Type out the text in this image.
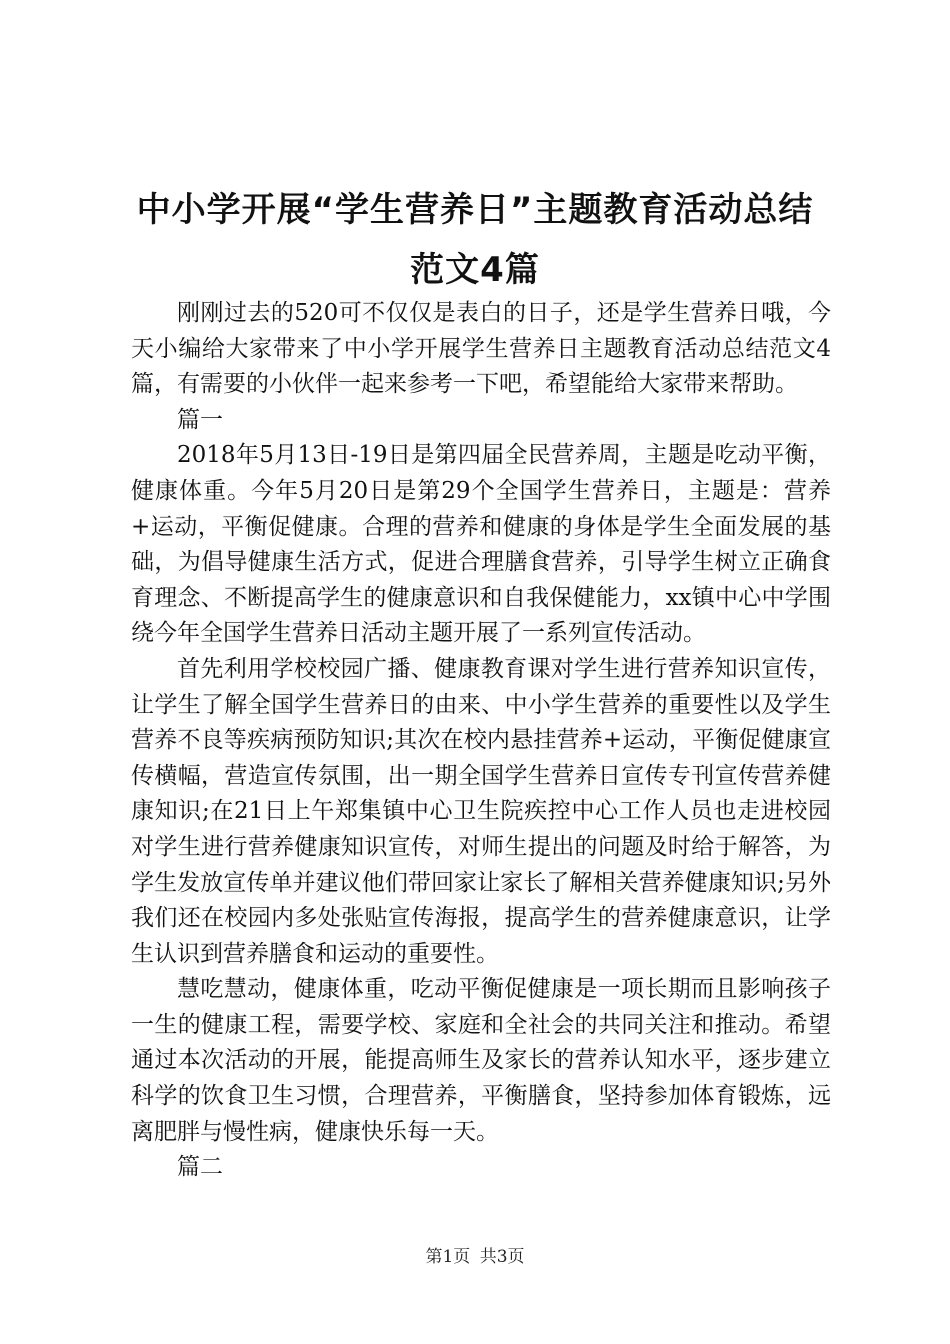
中小学开展“学生营养日”主题教育活动总结
范文4篇

刚刚过去的520可不仅仅是表白的日子，还是学生营养日哦，今天小编给大家带来了中小学开展学生营养日主题教育活动总结范文4篇，有需要的小伙伴一起来参考一下吧，希望能给大家带来帮助。

篇一

2018年5月13日-19日是第四届全民营养周，主题是吃动平衡，健康体重。今年5月20日是第29个全国学生营养日，主题是：营养+运动，平衡促健康。合理的营养和健康的身体是学生全面发展的基础，为倡导健康生活方式，促进合理膳食营养，引导学生树立正确食育理念、不断提高学生的健康意识和自我保健能力，xx镇中心中学围绕今年全国学生营养日活动主题开展了一系列宣传活动。

首先利用学校校园广播、健康教育课对学生进行营养知识宣传，让学生了解全国学生营养日的由来、中小学生营养的重要性以及学生营养不良等疾病预防知识;其次在校内悬挂营养+运动，平衡促健康宣传横幅，营造宣传氛围，出一期全国学生营养日宣传专刊宣传营养健康知识;在21日上午郑集镇中心卫生院疾控中心工作人员也走进校园对学生进行营养健康知识宣传，对师生提出的问题及时给于解答，为学生发放宣传单并建议他们带回家让家长了解相关营养健康知识;另外我们还在校园内多处张贴宣传海报，提高学生的营养健康意识，让学生认识到营养膳食和运动的重要性。

慧吃慧动，健康体重，吃动平衡促健康是一项长期而且影响孩子一生的健康工程，需要学校、家庭和全社会的共同关注和推动。希望通过本次活动的开展，能提高师生及家长的营养认知水平，逐步建立科学的饮食卫生习惯，合理营养，平衡膳食，坚持参加体育锻炼，远离肥胖与慢性病，健康快乐每一天。

篇二

第1页 共3页
